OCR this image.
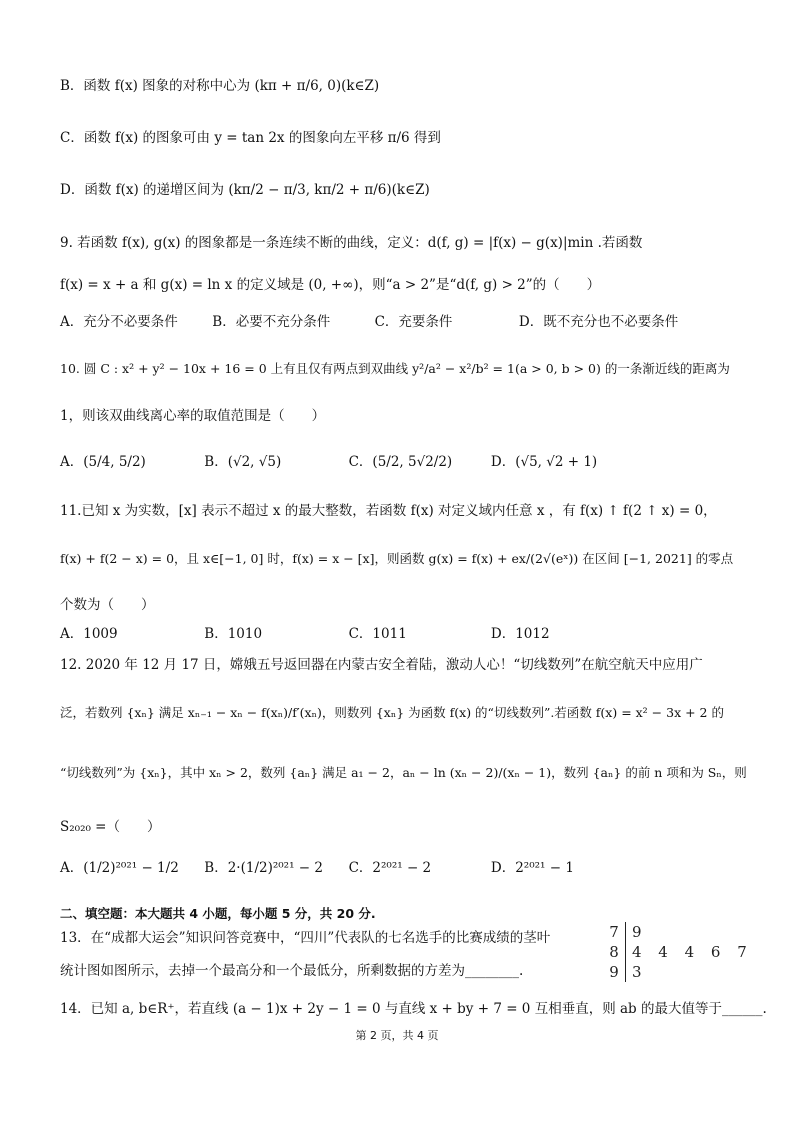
B．函数 f(x) 图象的对称中心为 (kπ + π/6, 0)(k∈Z)
C．函数 f(x) 的图象可由 y = tan 2x 的图象向左平移 π/6 得到
D．函数 f(x) 的递增区间为 (kπ/2 − π/3, kπ/2 + π/6)(k∈Z)
9. 若函数 f(x), g(x) 的图象都是一条连续不断的曲线，定义：d(f, g) = |f(x) − g(x)|min .若函数
f(x) = x + a 和 g(x) = ln x 的定义域是 (0, +∞)，则“a > 2”是“d(f, g) > 2”的（　　）
A．充分不必要条件	B．必要不充分条件	C．充要条件	D．既不充分也不必要条件
10. 圆 C : x² + y² − 10x + 16 = 0 上有且仅有两点到双曲线 y²/a² − x²/b² = 1(a > 0, b > 0) 的一条渐近线的距离为
1，则该双曲线离心率的取值范围是（　　）
A．(5/4, 5/2)	B．(√2, √5)	C．(5/2, 5√2/2)	D．(√5, √2 + 1)
11.已知 x 为实数，[x] 表示不超过 x 的最大整数，若函数 f(x) 对定义域内任意 x ，有 f(x) ↑ f(2 ↑ x) = 0，
f(x) + f(2 − x) = 0，且 x∈[−1, 0] 时，f(x) = x − [x]，则函数 g(x) = f(x) + ex/(2√(eˣ)) 在区间 [−1, 2021] 的零点
个数为（　　）
A．1009	B．1010	C．1011	D．1012
12. 2020 年 12 月 17 日，嫦娥五号返回器在内蒙古安全着陆，激动人心！“切线数列”在航空航天中应用广
泛，若数列 {xₙ} 满足 xₙ₋₁ − xₙ − f(xₙ)/f′(xₙ)，则数列 {xₙ} 为函数 f(x) 的“切线数列”.若函数 f(x) = x² − 3x + 2 的
“切线数列”为 {xₙ}，其中 xₙ > 2，数列 {aₙ} 满足 a₁ − 2，aₙ − ln (xₙ − 2)/(xₙ − 1)，数列 {aₙ} 的前 n 项和为 Sₙ，则
S₂₀₂₀ =（　　）
A．(1/2)²⁰²¹ − 1/2 B．2·(1/2)²⁰²¹ − 2 C．2²⁰²¹ − 2	D．2²⁰²¹ − 1
二、填空题：本大题共 4 小题，每小题 5 分，共 20 分.
13．在“成都大运会”知识问答竞赛中，“四川”代表队的七名选手的比赛成绩的茎叶
统计图如图所示，去掉一个最高分和一个最低分，所剩数据的方差为________.
7 9
8 4 4 4 6 7
9 3
14．已知 a, b∈R⁺，若直线 (a − 1)x + 2y − 1 = 0 与直线 x + by + 7 = 0 互相垂直，则 ab 的最大值等于______.
第 2 页，共 4 页
